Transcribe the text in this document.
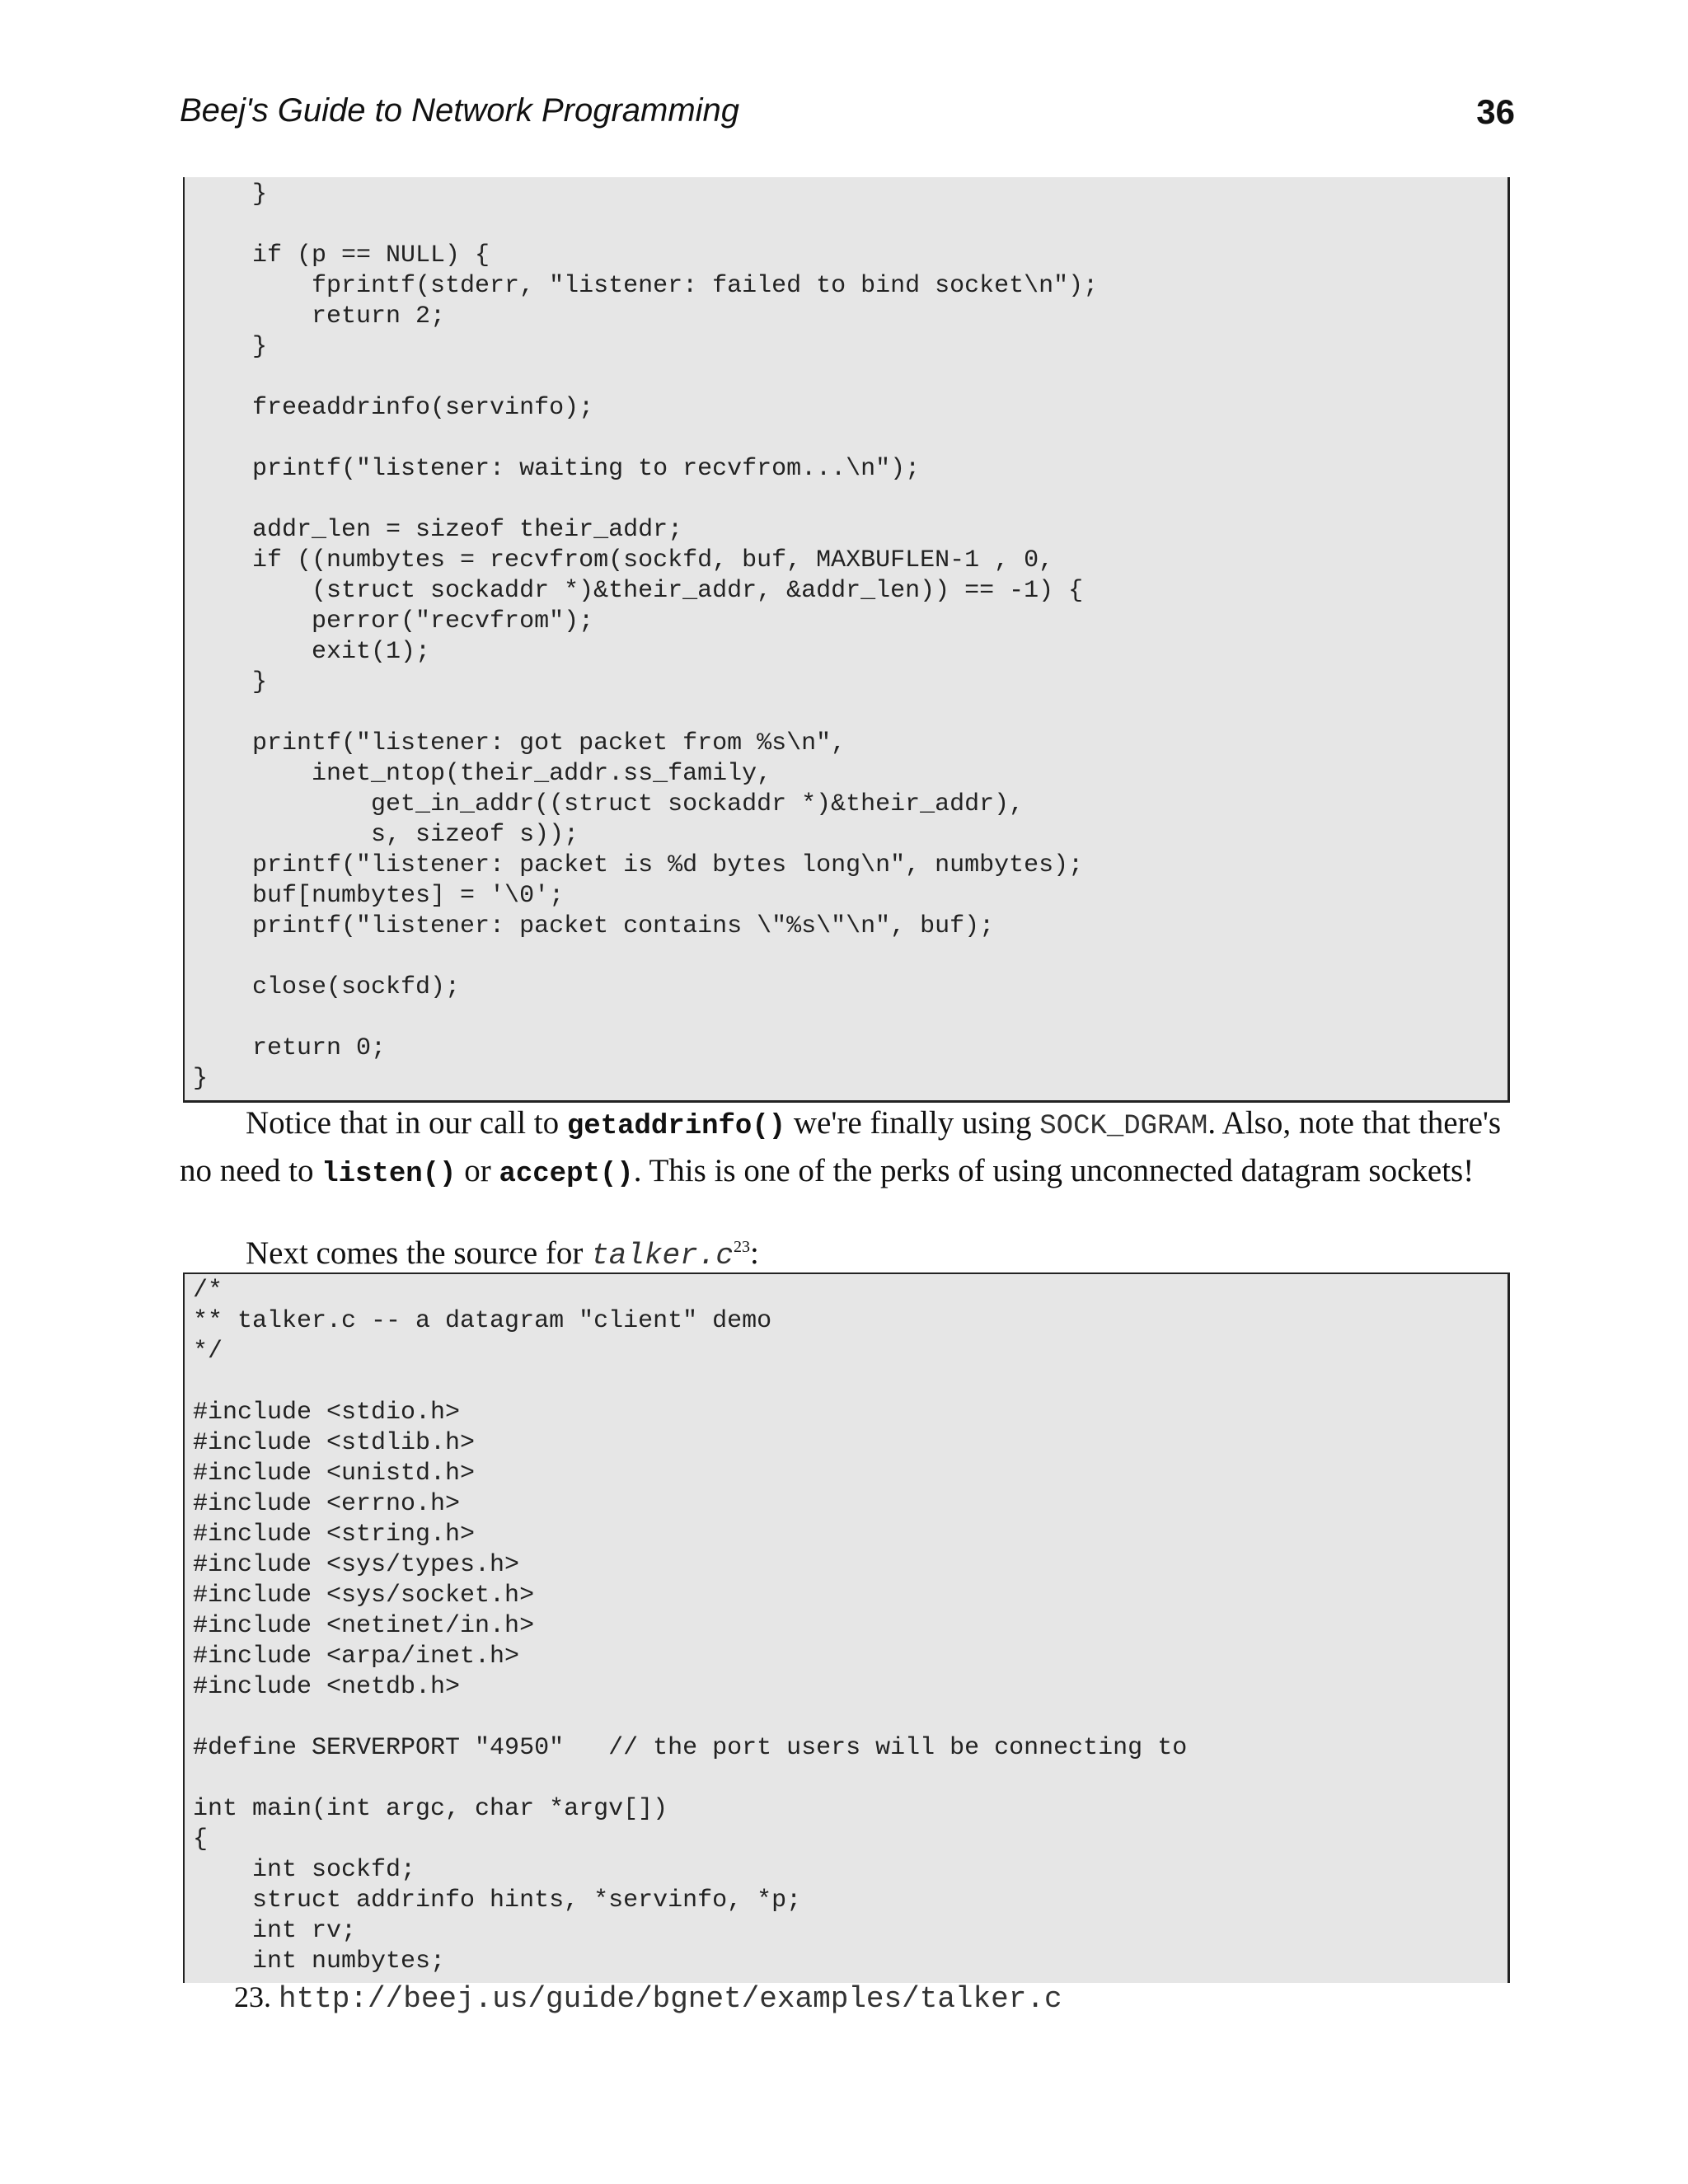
Beej's Guide to Network Programming	36
}

if (p == NULL) {
fprintf(stderr, "listener: failed to bind socket\n");
return 2;
}

freeaddrinfo(servinfo);

printf("listener: waiting to recvfrom...\n");

addr_len = sizeof their_addr;
if ((numbytes = recvfrom(sockfd, buf, MAXBUFLEN-1 , 0,
(struct sockaddr *)&their_addr, &addr_len)) == -1) {
perror("recvfrom");
exit(1);
}

printf("listener: got packet from %s\n",
inet_ntop(their_addr.ss_family,
get_in_addr((struct sockaddr *)&their_addr),
s, sizeof s));
printf("listener: packet is %d bytes long\n", numbytes);
buf[numbytes] = '\0';
printf("listener: packet contains \"%s\"\n", buf);

close(sockfd);

return 0;
}
Notice that in our call to getaddrinfo() we're finally using SOCK_DGRAM. Also, note that there's no need to listen() or accept(). This is one of the perks of using unconnected datagram sockets!
Next comes the source for $talker.c^{23}$:
/*
** talker.c -- a datagram "client" demo
*/

#include <stdio.h>
#include <stdlib.h>
#include <unistd.h>
#include <errno.h>
#include <string.h>
#include <sys/types.h>
#include <sys/socket.h>
#include <netinet/in.h>
#include <arpa/inet.h>
#include <netdb.h>

#define SERVERPORT "4950"   // the port users will be connecting to

int main(int argc, char *argv[])
{
int sockfd;
struct addrinfo hints, *servinfo, *p;
int rv;
int numbytes;
23. http://beej.us/guide/bgnet/examples/talker.c
